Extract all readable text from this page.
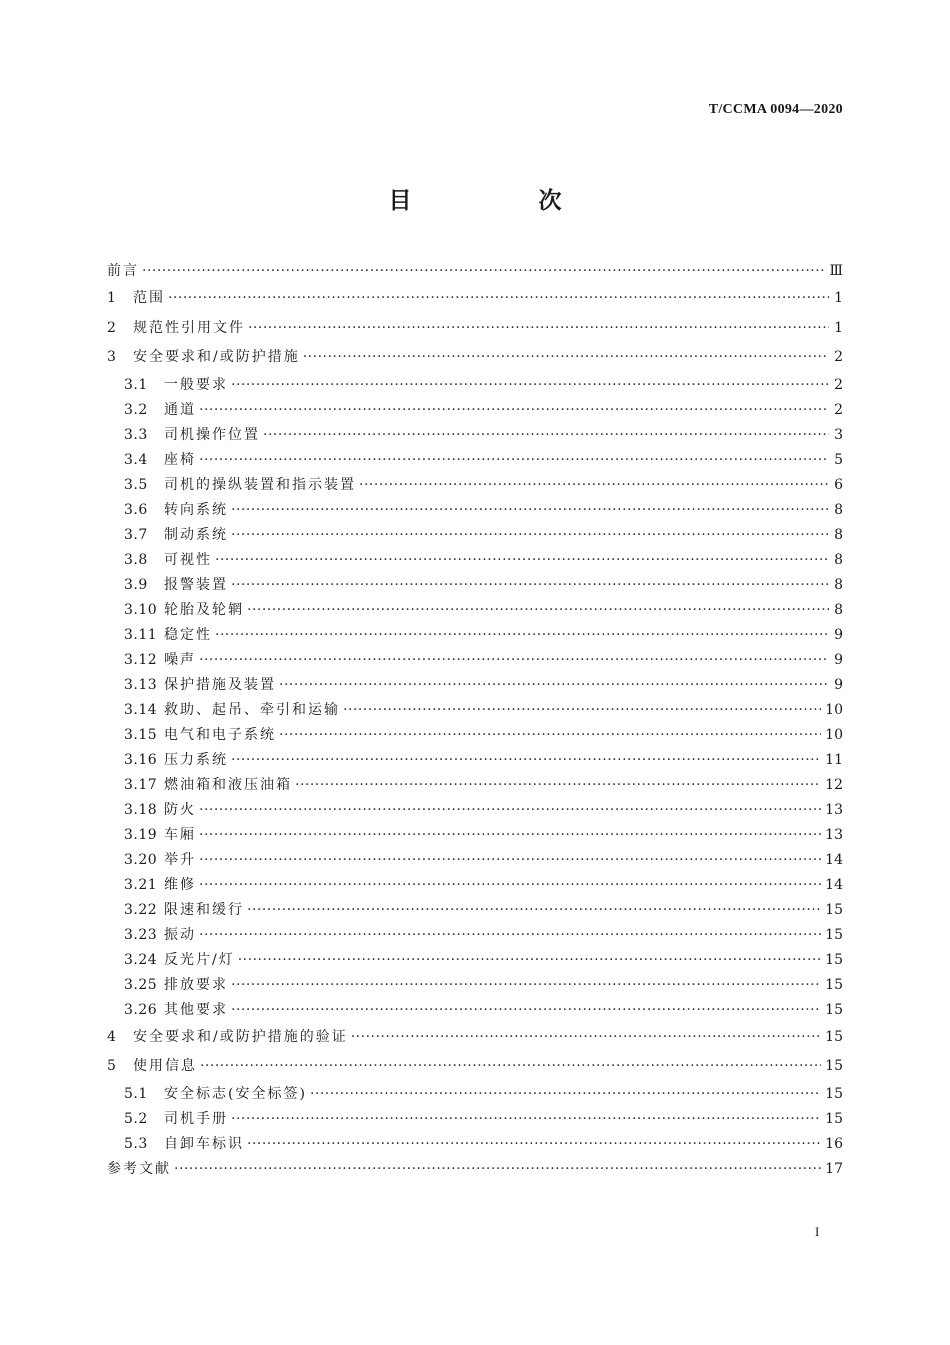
T/CCMA 0094—2020
目　次
前言 ·····	Ⅲ
1	范围 ·····	1
2	规范性引用文件 ·····	1
3	安全要求和/或防护措施 ·····	2
3.1	一般要求 ·····	2
3.2	通道 ·····	2
3.3	司机操作位置 ·····	3
3.4	座椅 ·····	5
3.5	司机的操纵装置和指示装置 ·····	6
3.6	转向系统 ·····	8
3.7	制动系统 ·····	8
3.8	可视性 ·····	8
3.9	报警装置 ·····	8
3.10 轮胎及轮辋 ·····	8
3.11 稳定性 ·····	9
3.12 噪声 ·····	9
3.13 保护措施及装置 ·····	9
3.14 救助、起吊、牵引和运输 ·····	10
3.15 电气和电子系统 ·····	10
3.16 压力系统 ·····	11
3.17 燃油箱和液压油箱 ·····	12
3.18 防火 ·····	13
3.19 车厢 ·····	13
3.20 举升 ·····	14
3.21 维修 ·····	14
3.22 限速和缓行 ·····	15
3.23 振动 ·····	15
3.24 反光片/灯 ·····	15
3.25 排放要求 ·····	15
3.26 其他要求 ·····	15
4	安全要求和/或防护措施的验证 ·····	15
5	使用信息 ·····	15
5.1	安全标志(安全标签) ·····	15
5.2	司机手册 ·····	15
5.3	自卸车标识 ·····	16
参考文献 ·····	17
I
